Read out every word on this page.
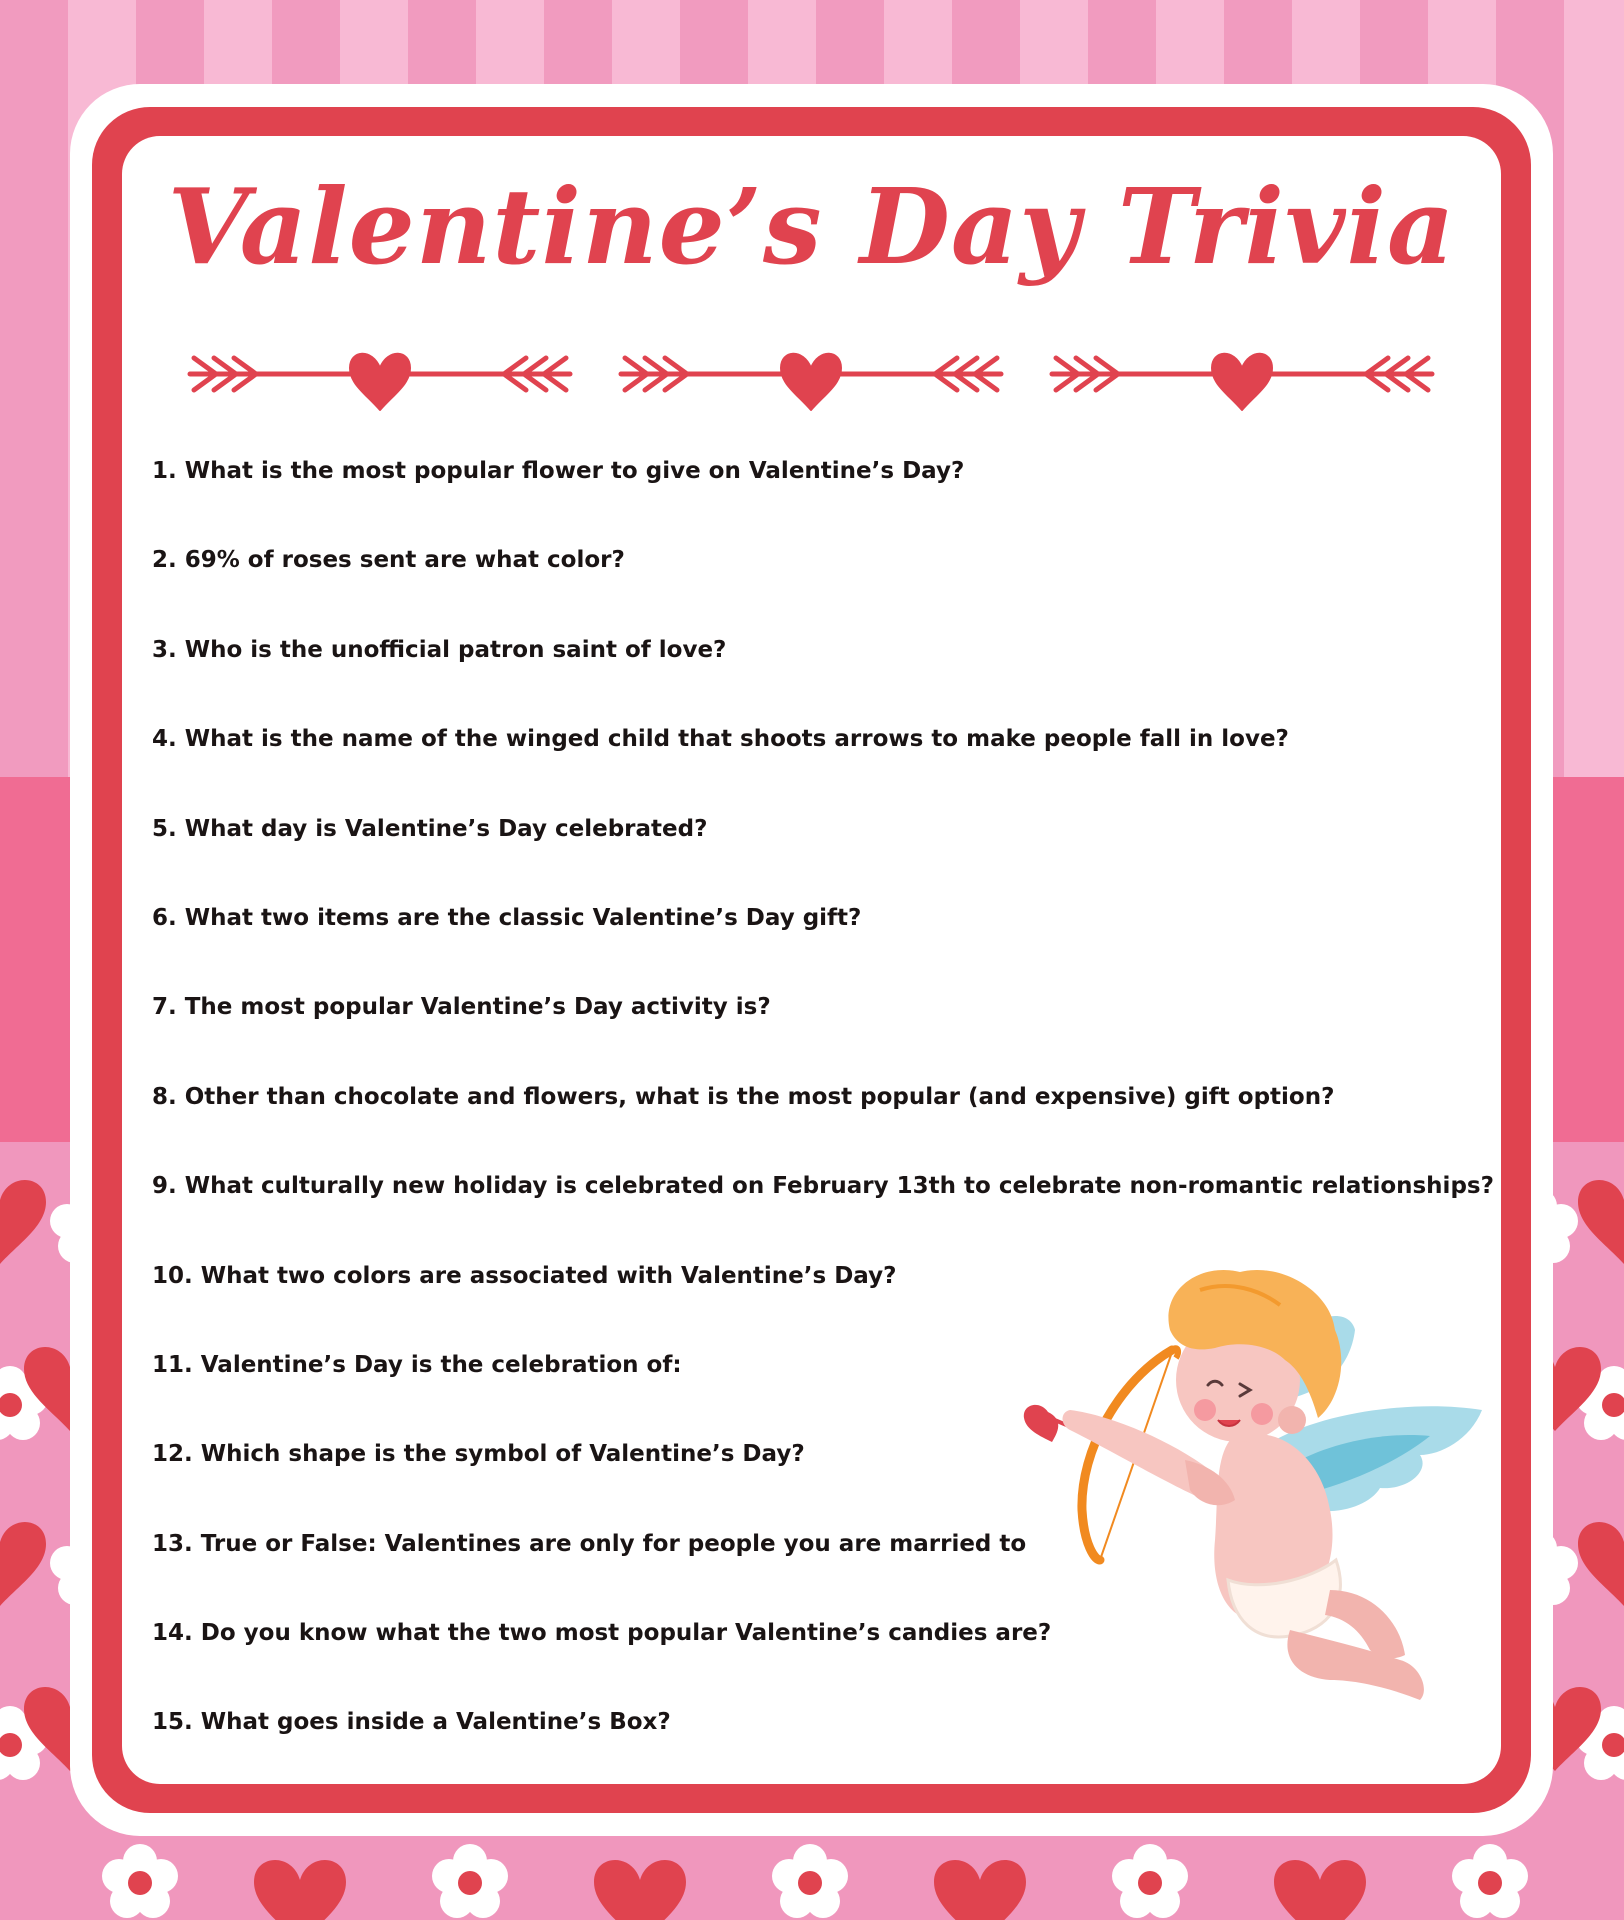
Valentine’s Day Trivia
1. What is the most popular flower to give on Valentine’s Day?
2. 69% of roses sent are what color?
3. Who is the unofficial patron saint of love?
4. What is the name of the winged child that shoots arrows to make people fall in love?
5. What day is Valentine’s Day celebrated?
6. What two items are the classic Valentine’s Day gift?
7. The most popular Valentine’s Day activity is?
8. Other than chocolate and flowers, what is the most popular (and expensive) gift option?
9. What culturally new holiday is celebrated on February 13th to celebrate non-romantic relationships?
10. What two colors are associated with Valentine’s Day?
11. Valentine’s Day is the celebration of:
12. Which shape is the symbol of Valentine’s Day?
13. True or False: Valentines are only for people you are married to
14. Do you know what the two most popular Valentine’s candies are?
15. What goes inside a Valentine’s Box?
